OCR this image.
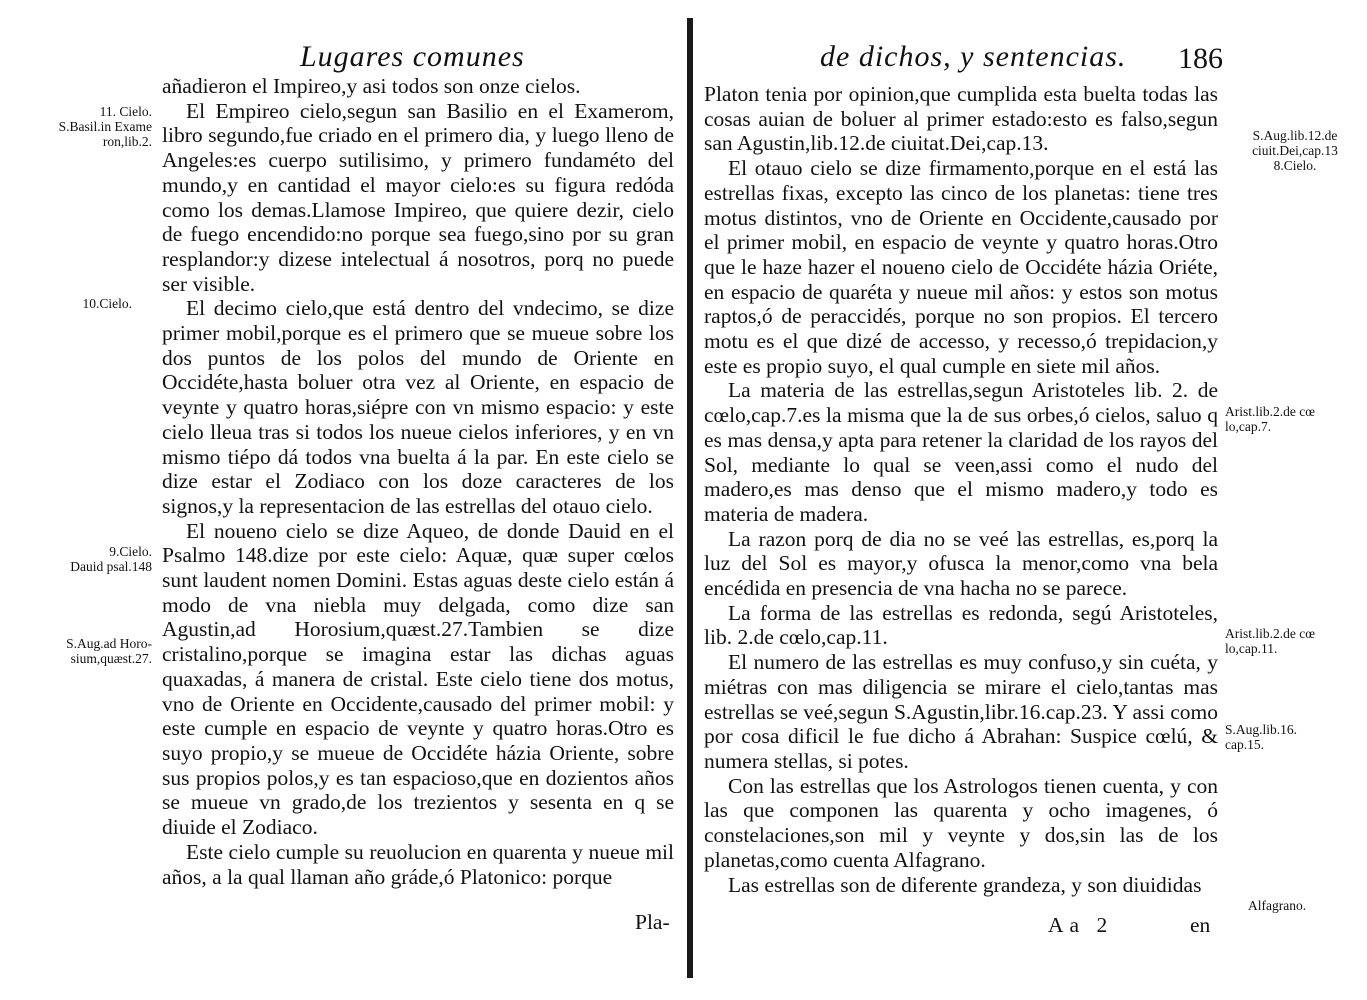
Lugares comunes

añadieron el Impireo,y asi todos son onze cielos.

El Empireo cielo,segun san Basilio en el Examerom, libro segundo,fue criado en el primero dia, y luego lleno de Angeles:es cuerpo sutilisimo, y primero fundaméto del mundo,y en cantidad el mayor cielo:es su figura redóda como los demas.Llamose Impireo, que quiere dezir, cielo de fuego encendido:no porque sea fuego,sino por su gran resplandor:y dizese intelectual á nosotros, porq no puede ser visible.

El decimo cielo,que está dentro del vndecimo, se dize primer mobil,porque es el primero que se mueue sobre los dos puntos de los polos del mundo de Oriente en Occidéte,hasta boluer otra vez al Oriente, en espacio de veynte y quatro horas,siépre con vn mismo espacio: y este cielo lleua tras si todos los nueue cielos inferiores, y en vn mismo tiépo dá todos vna buelta á la par. En este cielo se dize estar el Zodiaco con los doze caracteres de los signos,y la representacion de las estrellas del otauo cielo.

El noueno cielo se dize Aqueo, de donde Dauid en el Psalmo 148.dize por este cielo: Aquæ, quæ super cœlos sunt laudent nomen Domini. Estas aguas deste cielo están á modo de vna niebla muy delgada, como dize san Agustin,ad Horosium,quæst.27.Tambien se dize cristalino,porque se imagina estar las dichas aguas quaxadas, á manera de cristal. Este cielo tiene dos motus, vno de Oriente en Occidente,causado del primer mobil: y este cumple en espacio de veynte y quatro horas.Otro es suyo propio,y se mueue de Occidéte házia Oriente, sobre sus propios polos,y es tan espacioso,que en dozientos años se mueue vn grado,de los trezientos y sesenta en q se diuide el Zodiaco.

Este cielo cumple su reuolucion en quarenta y nueue mil años, a la qual llaman año gráde,ó Platonico: porque

Pla-
11. Cielo.
S.Basil.in Exame
ron,lib.2.
10.Cielo.
9.Cielo.
Dauid psal.148
S.Aug.ad Horo-
sium,quæst.27.
de dichos, y sentencias. 186

Platon tenia por opinion,que cumplida esta buelta todas las cosas auian de boluer al primer estado:esto es falso,segun san Agustin,lib.12.de ciuitat.Dei,cap.13.

El otauo cielo se dize firmamento,porque en el está las estrellas fixas, excepto las cinco de los planetas: tiene tres motus distintos, vno de Oriente en Occidente,causado por el primer mobil, en espacio de veynte y quatro horas.Otro que le haze hazer el noueno cielo de Occidéte házia Oriéte, en espacio de quaréta y nueue mil años: y estos son motus raptos,ó de peraccidés, porque no son propios. El tercero motu es el que dizé de accesso, y recesso,ó trepidacion,y este es propio suyo, el qual cumple en siete mil años.

La materia de las estrellas,segun Aristoteles lib. 2. de cœlo,cap.7.es la misma que la de sus orbes,ó cielos, saluo q es mas densa,y apta para retener la claridad de los rayos del Sol, mediante lo qual se veen,assi como el nudo del madero,es mas denso que el mismo madero,y todo es materia de madera.

La razon porq de dia no se veé las estrellas, es,porq la luz del Sol es mayor,y ofusca la menor,como vna bela encédida en presencia de vna hacha no se parece.

La forma de las estrellas es redonda, segú Aristoteles, lib. 2.de cœlo,cap.11.

El numero de las estrellas es muy confuso,y sin cuéta, y miétras con mas diligencia se mirare el cielo,tantas mas estrellas se veé,segun S.Agustin,libr.16.cap.23. Y assi como por cosa dificil le fue dicho á Abrahan: Suspice cœlú, & numera stellas, si potes.

Con las estrellas que los Astrologos tienen cuenta, y con las que componen las quarenta y ocho imagenes, ó constelaciones,son mil y veynte y dos,sin las de los planetas,como cuenta Alfagrano.

Las estrellas son de diferente grandeza, y son diuididas

Aa 2	en
S.Aug.lib.12.de
ciuit.Dei,cap.13
8.Cielo.
Arist.lib.2.de cœ
lo,cap.7.
Arist.lib.2.de cœ
lo,cap.11.
S.Aug.lib.16.
cap.15.
Alfagrano.
